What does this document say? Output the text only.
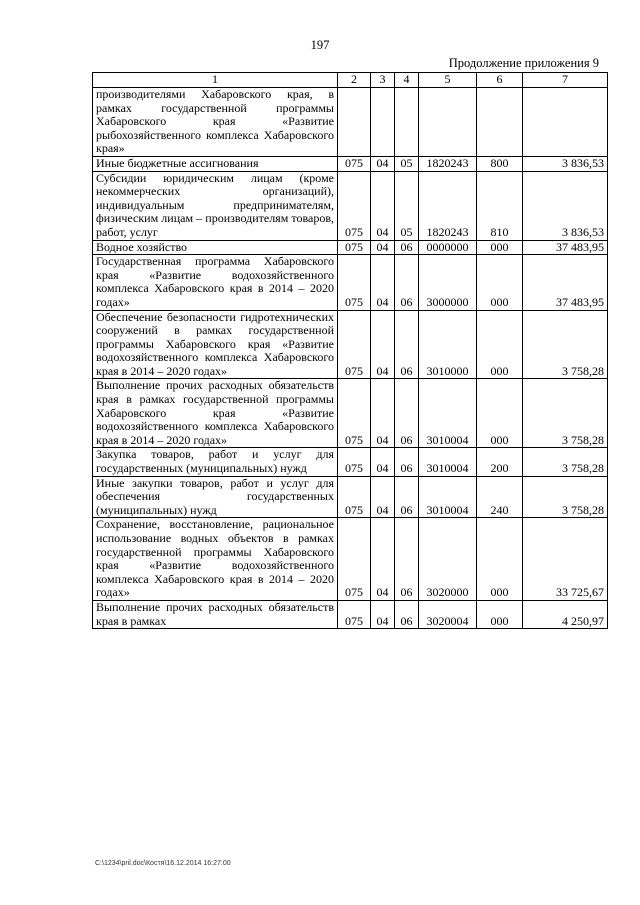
197
Продолжение приложения 9
1	2	3	4	5	6	7
производителями Хабаровского края, в рамках государственной программы Хабаровского края «Развитие рыбохозяйственного комплекса Хабаровского края»						
Иные бюджетные ассигнования	075	04	05	1820243	800	3 836,53
Субсидии юридическим лицам (кроме некоммерческих организаций), индивидуальным предпринимателям, физическим лицам – производителям товаров, работ, услуг	075	04	05	1820243	810	3 836,53
Водное хозяйство	075	04	06	0000000	000	37 483,95
Государственная программа Хабаровского края «Развитие водохозяйственного комплекса Хабаровского края в 2014 – 2020 годах»	075	04	06	3000000	000	37 483,95
Обеспечение безопасности гидротехнических сооружений в рамках государственной программы Хабаровского края «Развитие водохозяйственного комплекса Хабаровского края в 2014 – 2020 годах»	075	04	06	3010000	000	3 758,28
Выполнение прочих расходных обязательств края в рамках государственной программы Хабаровского края «Развитие водохозяйственного комплекса Хабаровского края в 2014 – 2020 годах»	075	04	06	3010004	000	3 758,28
Закупка товаров, работ и услуг для государственных (муниципальных) нужд	075	04	06	3010004	200	3 758,28
Иные закупки товаров, работ и услуг для обеспечения государственных (муниципальных) нужд	075	04	06	3010004	240	3 758,28
Сохранение, восстановление, рациональное использование водных объектов в рамках государственной программы Хабаровского края «Развитие водохозяйственного комплекса Хабаровского края в 2014 – 2020 годах»	075	04	06	3020000	000	33 725,67
Выполнение прочих расходных обязательств края в рамках	075	04	06	3020004	000	4 250,97
C:\1234\pril.doc\Костя\16.12.2014 16:27:00
